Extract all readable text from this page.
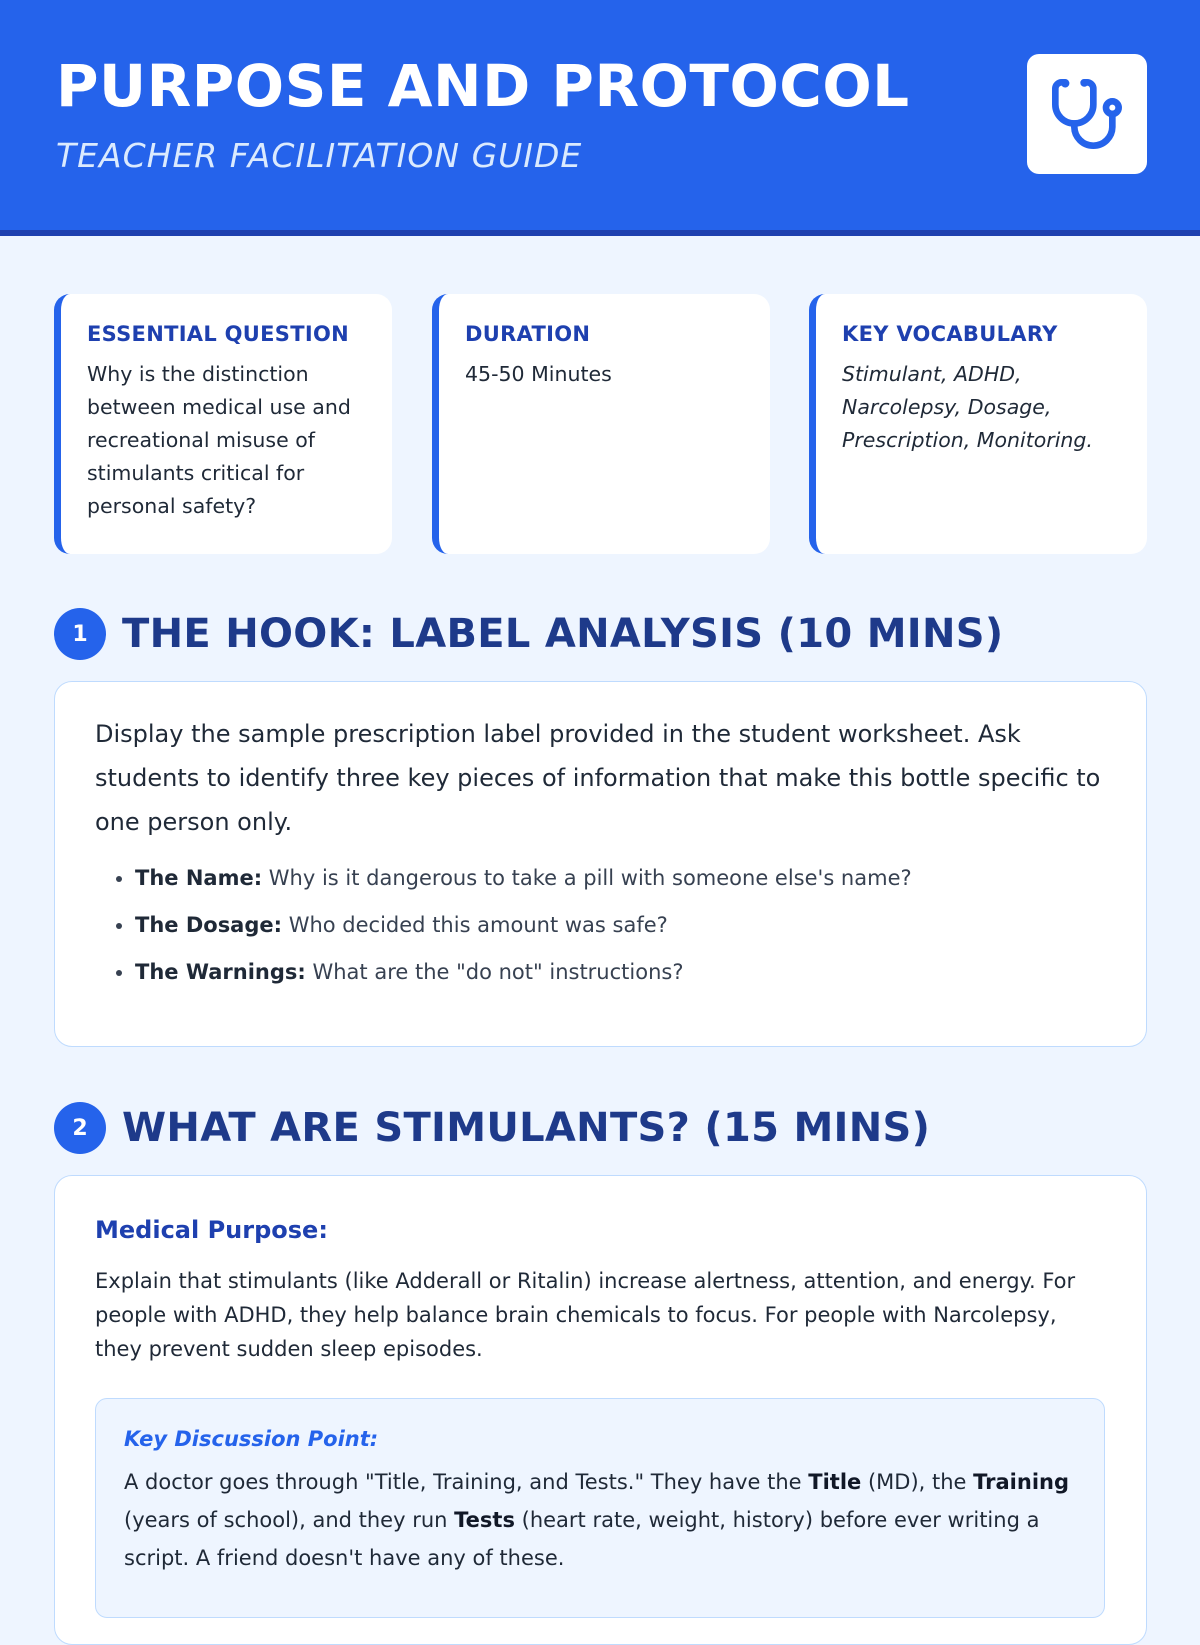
PURPOSE AND PROTOCOL

TEACHER FACILITATION GUIDE

ESSENTIAL QUESTION

Why is the distinction between medical use and recreational misuse of stimulants critical for personal safety?

DURATION

45-50 Minutes

KEY VOCABULARY

Stimulant, ADHD, Narcolepsy, Dosage, Prescription, Monitoring.

1 THE HOOK: LABEL ANALYSIS (10 MINS)

Display the sample prescription label provided in the student worksheet. Ask students to identify three key pieces of information that make this bottle specific to one person only.

• The Name: Why is it dangerous to take a pill with someone else's name?
• The Dosage: Who decided this amount was safe?
• The Warnings: What are the "do not" instructions?
2 WHAT ARE STIMULANTS? (15 MINS)

Medical Purpose:

Explain that stimulants (like Adderall or Ritalin) increase alertness, attention, and energy. For people with ADHD, they help balance brain chemicals to focus. For people with Narcolepsy, they prevent sudden sleep episodes.

Key Discussion Point:

A doctor goes through "Title, Training, and Tests." They have the Title (MD), the Training (years of school), and they run Tests (heart rate, weight, history) before ever writing a script. A friend doesn't have any of these.
